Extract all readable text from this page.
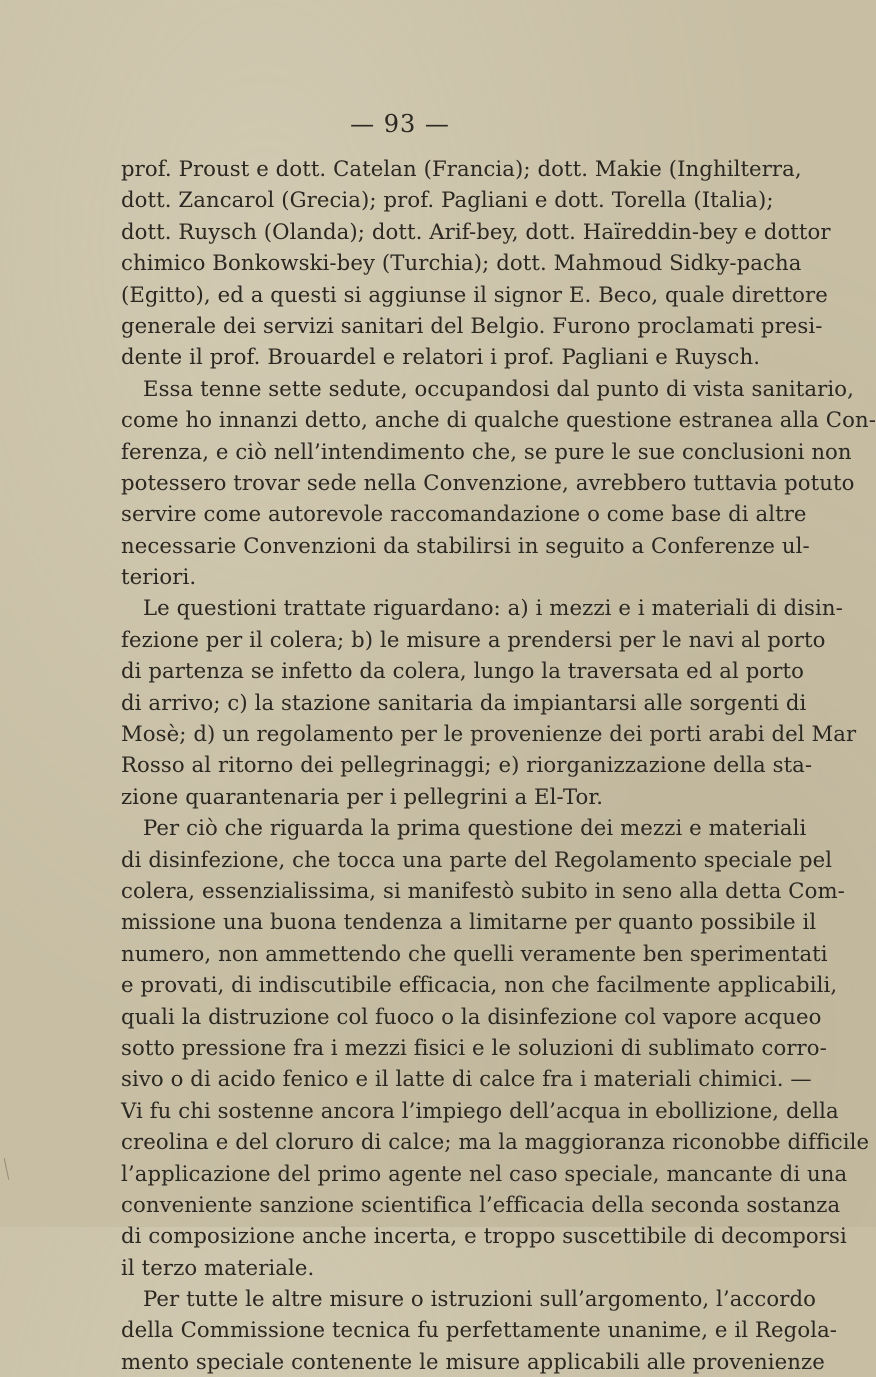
— 93 —
prof. Proust e dott. Catelan (Francia); dott. Makie (Inghilterra,
dott. Zancarol (Grecia); prof. Pagliani e dott. Torella (Italia);
dott. Ruysch (Olanda); dott. Arif-bey, dott. Haïreddin-bey e dottor
chimico Bonkowski-bey (Turchia); dott. Mahmoud Sidky-pacha
(Egitto), ed a questi si aggiunse il signor E. Beco, quale direttore
generale dei servizi sanitari del Belgio. Furono proclamati presi-
dente il prof. Brouardel e relatori i prof. Pagliani e Ruysch.
Essa tenne sette sedute, occupandosi dal punto di vista sanitario,
come ho innanzi detto, anche di qualche questione estranea alla Con-
ferenza, e ciò nell’intendimento che, se pure le sue conclusioni non
potessero trovar sede nella Convenzione, avrebbero tuttavia potuto
servire come autorevole raccomandazione o come base di altre
necessarie Convenzioni da stabilirsi in seguito a Conferenze ul-
teriori.
Le questioni trattate riguardano: a) i mezzi e i materiali di disin-
fezione per il colera; b) le misure a prendersi per le navi al porto
di partenza se infetto da colera, lungo la traversata ed al porto
di arrivo; c) la stazione sanitaria da impiantarsi alle sorgenti di
Mosè; d) un regolamento per le provenienze dei porti arabi del Mar
Rosso al ritorno dei pellegrinaggi; e) riorganizzazione della sta-
zione quarantenaria per i pellegrini a El-Tor.
Per ciò che riguarda la prima questione dei mezzi e materiali
di disinfezione, che tocca una parte del Regolamento speciale pel
colera, essenzialissima, si manifestò subito in seno alla detta Com-
missione una buona tendenza a limitarne per quanto possibile il
numero, non ammettendo che quelli veramente ben sperimentati
e provati, di indiscutibile efficacia, non che facilmente applicabili,
quali la distruzione col fuoco o la disinfezione col vapore acqueo
sotto pressione fra i mezzi fisici e le soluzioni di sublimato corro-
sivo o di acido fenico e il latte di calce fra i materiali chimici. —
Vi fu chi sostenne ancora l’impiego dell’acqua in ebollizione, della
creolina e del cloruro di calce; ma la maggioranza riconobbe difficile
l’applicazione del primo agente nel caso speciale, mancante di una
conveniente sanzione scientifica l’efficacia della seconda sostanza
di composizione anche incerta, e troppo suscettibile di decomporsi
il terzo materiale.
Per tutte le altre misure o istruzioni sull’argomento, l’accordo
della Commissione tecnica fu perfettamente unanime, e il Regola-
mento speciale contenente le misure applicabili alle provenienze
